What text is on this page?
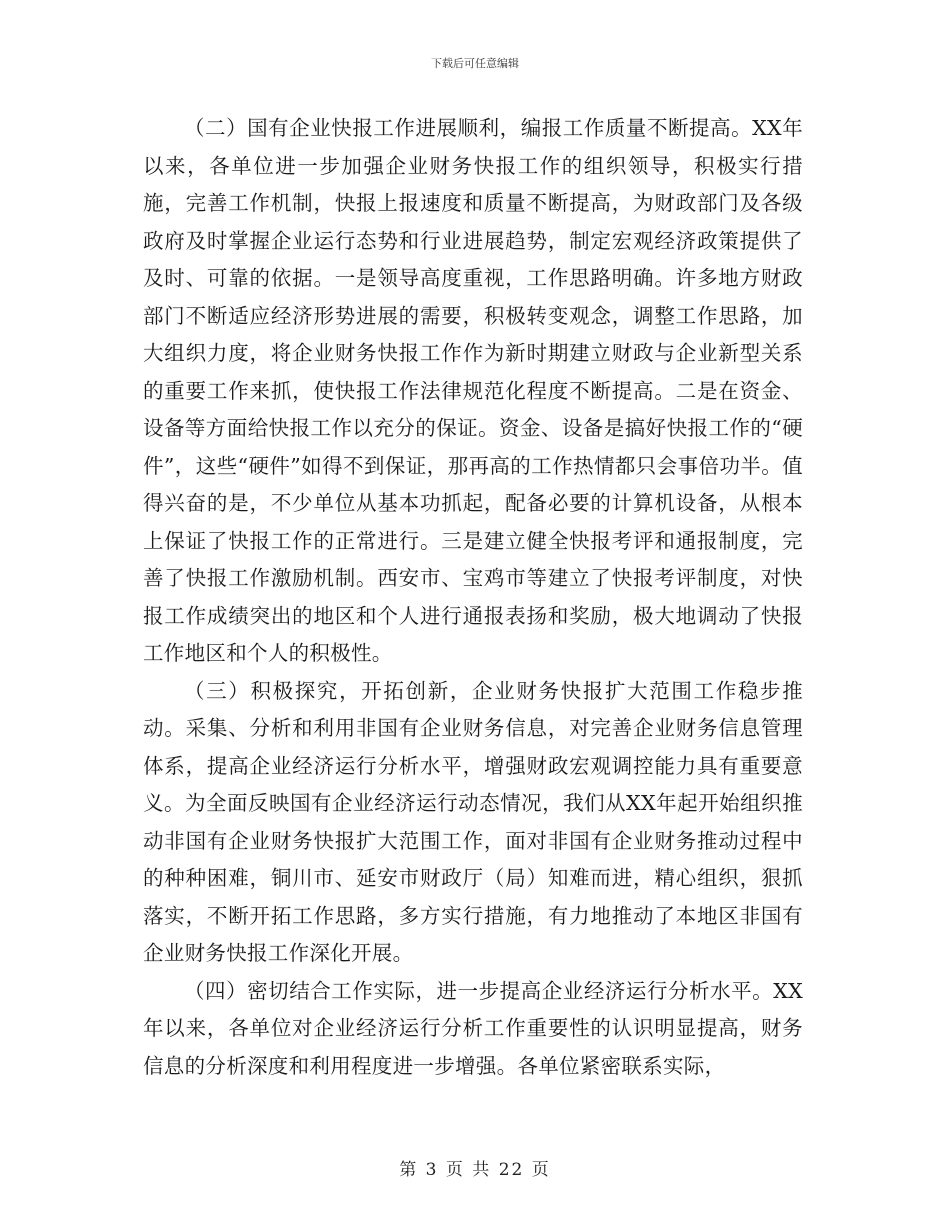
下载后可任意编辑

（二）国有企业快报工作进展顺利，编报工作质量不断提高。XX年以来，各单位进一步加强企业财务快报工作的组织领导，积极实行措施，完善工作机制，快报上报速度和质量不断提高，为财政部门及各级政府及时掌握企业运行态势和行业进展趋势，制定宏观经济政策提供了及时、可靠的依据。一是领导高度重视，工作思路明确。许多地方财政部门不断适应经济形势进展的需要，积极转变观念，调整工作思路，加大组织力度，将企业财务快报工作作为新时期建立财政与企业新型关系的重要工作来抓，使快报工作法律规范化程度不断提高。二是在资金、设备等方面给快报工作以充分的保证。资金、设备是搞好快报工作的“硬件”，这些“硬件”如得不到保证，那再高的工作热情都只会事倍功半。值得兴奋的是，不少单位从基本功抓起，配备必要的计算机设备，从根本上保证了快报工作的正常进行。三是建立健全快报考评和通报制度，完善了快报工作激励机制。西安市、宝鸡市等建立了快报考评制度，对快报工作成绩突出的地区和个人进行通报表扬和奖励，极大地调动了快报工作地区和个人的积极性。

（三）积极探究，开拓创新，企业财务快报扩大范围工作稳步推动。采集、分析和利用非国有企业财务信息，对完善企业财务信息管理体系，提高企业经济运行分析水平，增强财政宏观调控能力具有重要意义。为全面反映国有企业经济运行动态情况，我们从XX年起开始组织推动非国有企业财务快报扩大范围工作，面对非国有企业财务推动过程中的种种困难，铜川市、延安市财政厅（局）知难而进，精心组织，狠抓落实，不断开拓工作思路，多方实行措施，有力地推动了本地区非国有企业财务快报工作深化开展。

（四）密切结合工作实际，进一步提高企业经济运行分析水平。XX年以来，各单位对企业经济运行分析工作重要性的认识明显提高，财务信息的分析深度和利用程度进一步增强。各单位紧密联系实际，

第 3 页 共 22 页
